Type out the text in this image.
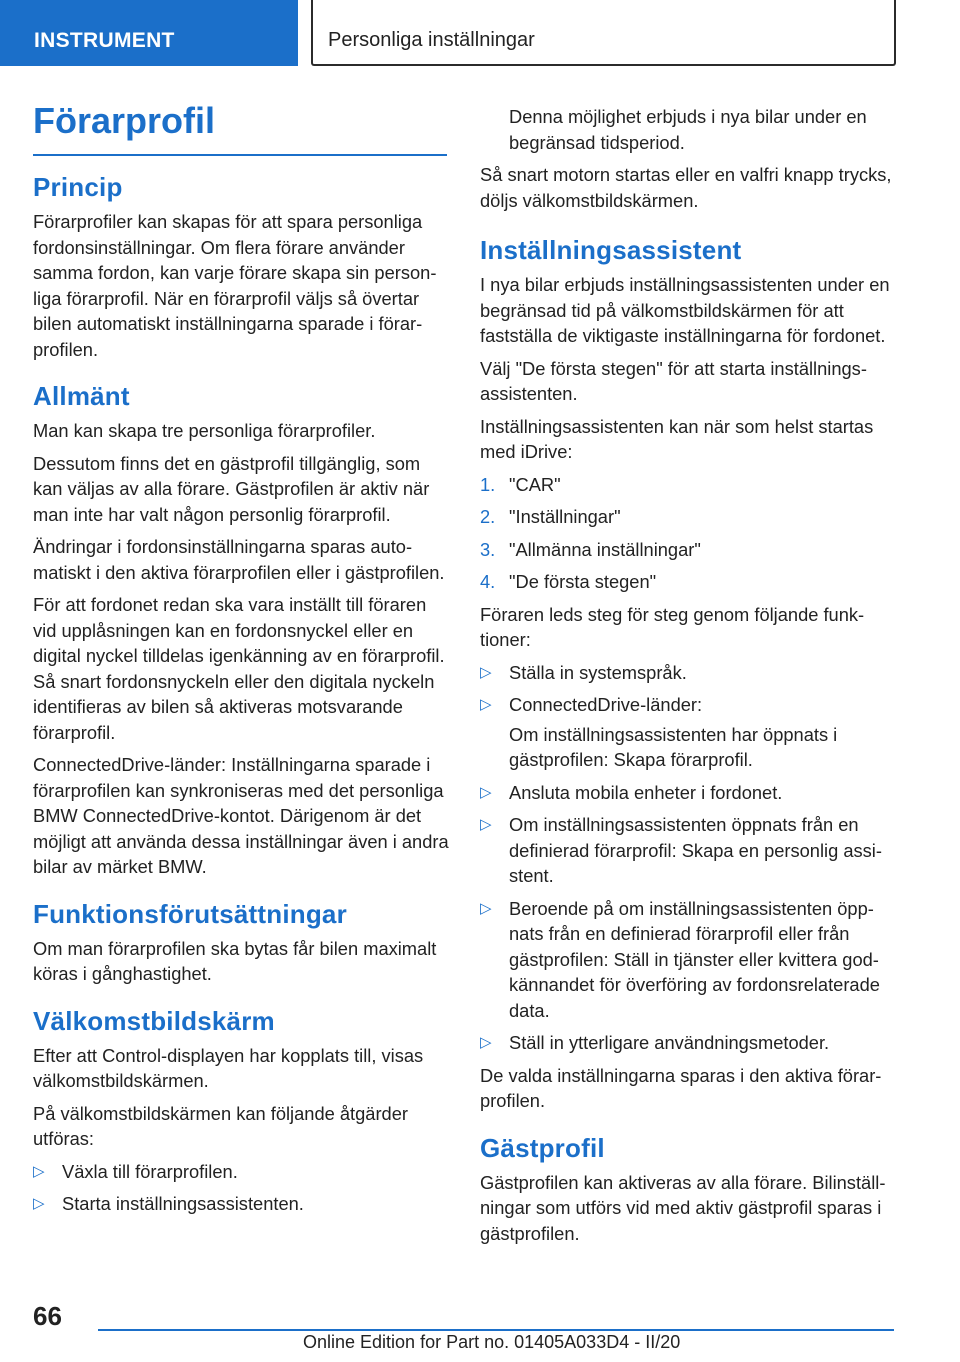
INSTRUMENT	Personliga inställningar
Förarprofil
Princip

Förarprofiler kan skapas för att spara personliga fordonsinställningar. Om flera förare använder samma fordon, kan varje förare skapa sin personliga förarprofil. När en förarprofil väljs så övertar bilen automatiskt inställningarna sparade i förarprofilen.

Allmänt

Man kan skapa tre personliga förarprofiler.

Dessutom finns det en gästprofil tillgänglig, som kan väljas av alla förare. Gästprofilen är aktiv när man inte har valt någon personlig förarprofil.

Ändringar i fordonsinställningarna sparas automatiskt i den aktiva förarprofilen eller i gästprofilen.

För att fordonet redan ska vara inställt till föraren vid upplåsningen kan en fordonsnyckel eller en digital nyckel tilldelas igenkänning av en förarprofil. Så snart fordonsnyckeln eller den digitala nyckeln identifieras av bilen så aktiveras motsvarande förarprofil.

ConnectedDrive-länder: Inställningarna sparade i förarprofilen kan synkroniseras med det personliga BMW ConnectedDrive-kontot. Därigenom är det möjligt att använda dessa inställningar även i andra bilar av märket BMW.

Funktionsförutsättningar

Om man förarprofilen ska bytas får bilen maximalt köras i gånghastighet.

Välkomstbildskärm

Efter att Control-displayen har kopplats till, visas välkomstbildskärmen.

På välkomstbildskärmen kan följande åtgärder utföras:

▷ Växla till förarprofilen.
▷ Starta inställningsassistenten.

Denna möjlighet erbjuds i nya bilar under en begränsad tidsperiod.

Så snart motorn startas eller en valfri knapp trycks, döljs välkomstbildskärmen.

Inställningsassistent

I nya bilar erbjuds inställningsassistenten under en begränsad tid på välkomstbildskärmen för att fastställa de viktigaste inställningarna för fordonet.

Välj "De första stegen" för att starta inställningsassistenten.

Inställningsassistenten kan när som helst startas med iDrive:

1. "CAR"
2. "Inställningar"
3. "Allmänna inställningar"
4. "De första stegen"

Föraren leds steg för steg genom följande funktioner:

▷ Ställa in systemspråk.
▷ ConnectedDrive-länder:

Om inställningsassistenten har öppnats i gästprofilen: Skapa förarprofil.

▷ Ansluta mobila enheter i fordonet.
▷ Om inställningsassistenten öppnats från en definierad förarprofil: Skapa en personlig assistent.
▷ Beroende på om inställningsassistenten öppnats från en definierad förarprofil eller från gästprofilen: Ställ in tjänster eller kvittera godkännandet för överföring av fordonsrelaterade data.
▷ Ställ in ytterligare användningsmetoder.

De valda inställningarna sparas i den aktiva förarprofilen.

Gästprofil

Gästprofilen kan aktiveras av alla förare. Bilinställningar som utförs vid med aktiv gästprofil sparas i gästprofilen.

66
Online Edition for Part no. 01405A033D4 - II/20
